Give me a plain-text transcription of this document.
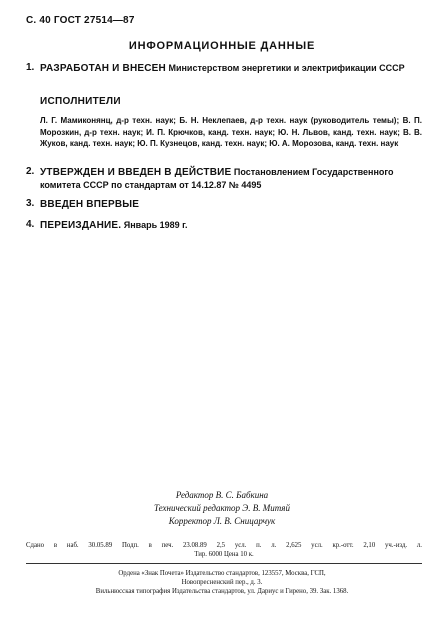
С. 40 ГОСТ 27514—87
ИНФОРМАЦИОННЫЕ ДАННЫЕ
1. РАЗРАБОТАН И ВНЕСЕН Министерством энергетики и электрификации СССР
ИСПОЛНИТЕЛИ
Л. Г. Мамиконянц, д-р техн. наук; Б. Н. Неклепаев, д-р техн. наук (руководитель темы); В. П. Морозкин, д-р техн. наук; И. П. Крючков, канд. техн. наук; Ю. Н. Львов, канд. техн. наук; В. В. Жуков, канд. техн. наук; Ю. П. Кузнецов, канд. техн. наук; Ю. А. Морозова, канд. техн. наук
2. УТВЕРЖДЕН И ВВЕДЕН В ДЕЙСТВИЕ Постановлением Государственного комитета СССР по стандартам от 14.12.87 № 4495
3. ВВЕДЕН ВПЕРВЫЕ
4. ПЕРЕИЗДАНИЕ. Январь 1989 г.
Редактор В. С. Бабкина
Технический редактор Э. В. Митяй
Корректор Л. В. Сницарчук
Сдано в наб. 30.05.89 Подп. в печ. 23.08.89 2,5 усл. п. л. 2,625 усл. кр.-отт. 2,10 уч.-изд. л.
Тир. 6000 Цена 10 к.
Ордена «Знак Почета» Издательство стандартов, 123557, Москва, ГСП,
Новопресненский пер., д. 3.
Вильнюсская типография Издательства стандартов, ул. Дариус и Гирено, 39. Зак. 1368.
